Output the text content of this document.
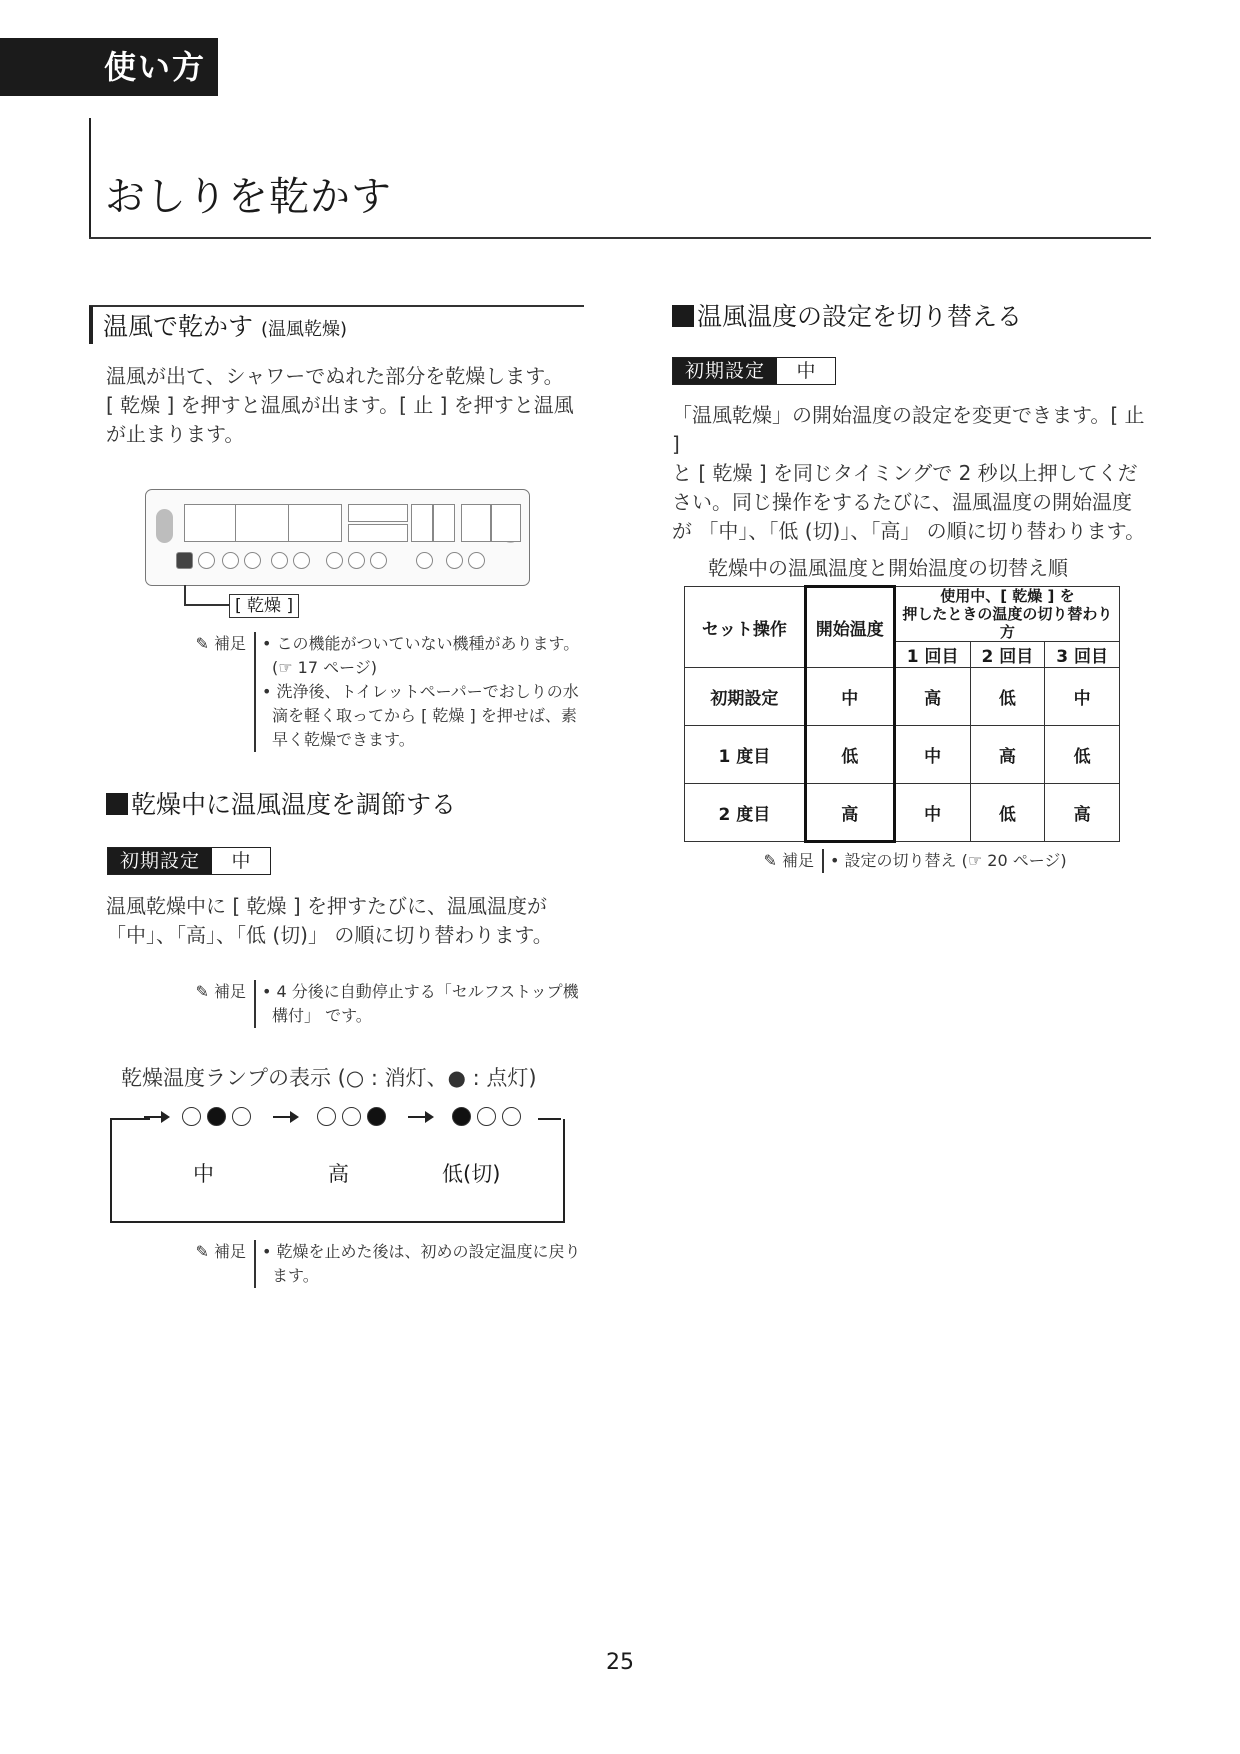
使い方
おしりを乾かす
温風で乾かす (温風乾燥)
温風が出て、シャワーでぬれた部分を乾燥します。
[ 乾燥 ] を押すと温風が出ます。[ 止 ] を押すと温風
が止まります。
[ 乾燥 ]
✎ 補足	• この機能がついていない機種があります。(☞ 17 ページ)
• 洗浄後、トイレットペーパーでおしりの水滴を軽く取ってから [ 乾燥 ] を押せば、素早く乾燥できます。
乾燥中に温風温度を調節する
初期設定	中
温風乾燥中に [ 乾燥 ] を押すたびに、温風温度が
「中」、「高」、「低 (切)」 の順に切り替わります。
✎ 補足	• 4 分後に自動停止する「セルフストップ機構付」 です。
乾燥温度ランプの表示 (○ : 消灯、● : 点灯)

中	高	低(切)
✎ 補足	• 乾燥を止めた後は、初めの設定温度に戻ります。
温風温度の設定を切り替える
初期設定	中
「温風乾燥」の開始温度の設定を変更できます。[ 止 ]
と [ 乾燥 ] を同じタイミングで 2 秒以上押してくだ
さい。同じ操作をするたびに、温風温度の開始温度
が 「中」、「低 (切)」、「高」 の順に切り替わります。
乾燥中の温風温度と開始温度の切替え順
セット操作	開始温度	使用中、[ 乾燥 ] を
押したときの温度の切り替わり方		

		1 回目	2 回目	3 回目
初期設定	中	高	低	中
1 度目	低	中	高	低
2 度目	高	中	低	高
✎ 補足	• 設定の切り替え (☞ 20 ページ)
25
